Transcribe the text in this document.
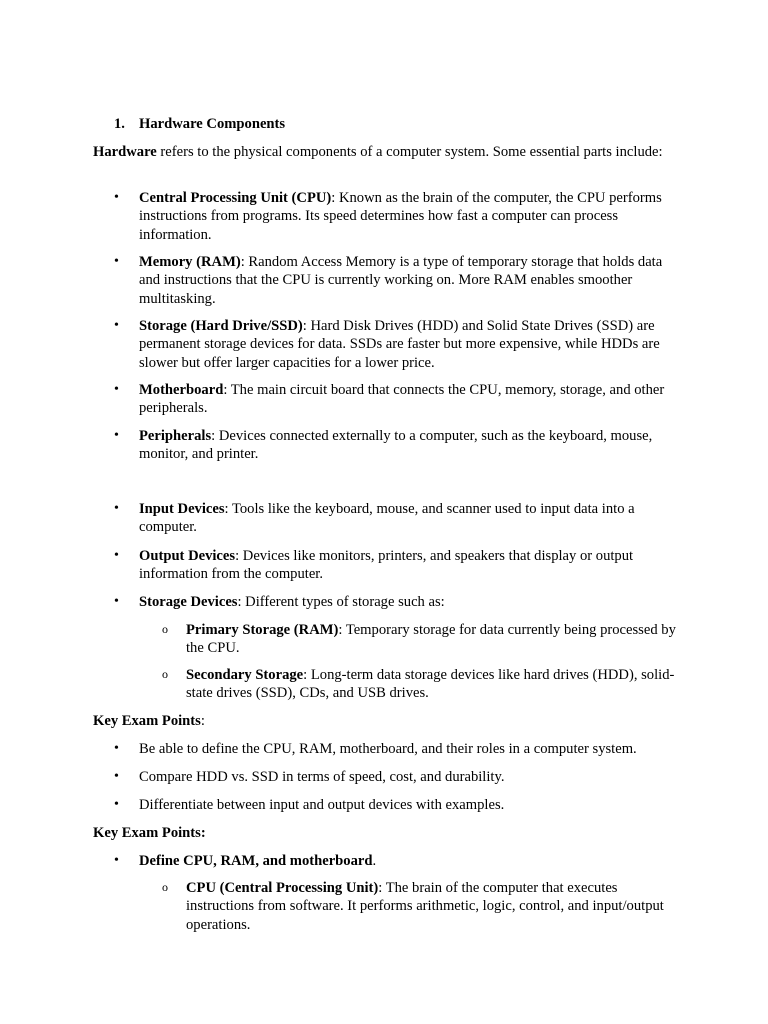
1. Hardware Components
Hardware refers to the physical components of a computer system. Some essential parts include:
• Central Processing Unit (CPU): Known as the brain of the computer, the CPU performs instructions from programs. Its speed determines how fast a computer can process information.
• Memory (RAM): Random Access Memory is a type of temporary storage that holds data and instructions that the CPU is currently working on. More RAM enables smoother multitasking.
• Storage (Hard Drive/SSD): Hard Disk Drives (HDD) and Solid State Drives (SSD) are permanent storage devices for data. SSDs are faster but more expensive, while HDDs are slower but offer larger capacities for a lower price.
• Motherboard: The main circuit board that connects the CPU, memory, storage, and other peripherals.
• Peripherals: Devices connected externally to a computer, such as the keyboard, mouse, monitor, and printer.
• Input Devices: Tools like the keyboard, mouse, and scanner used to input data into a computer.
• Output Devices: Devices like monitors, printers, and speakers that display or output information from the computer.
• Storage Devices: Different types of storage such as:
o Primary Storage (RAM): Temporary storage for data currently being processed by the CPU.
o Secondary Storage: Long-term data storage devices like hard drives (HDD), solid-state drives (SSD), CDs, and USB drives.
Key Exam Points:
• Be able to define the CPU, RAM, motherboard, and their roles in a computer system.
• Compare HDD vs. SSD in terms of speed, cost, and durability.
• Differentiate between input and output devices with examples.
Key Exam Points:
• Define CPU, RAM, and motherboard.
o CPU (Central Processing Unit): The brain of the computer that executes instructions from software. It performs arithmetic, logic, control, and input/output operations.
